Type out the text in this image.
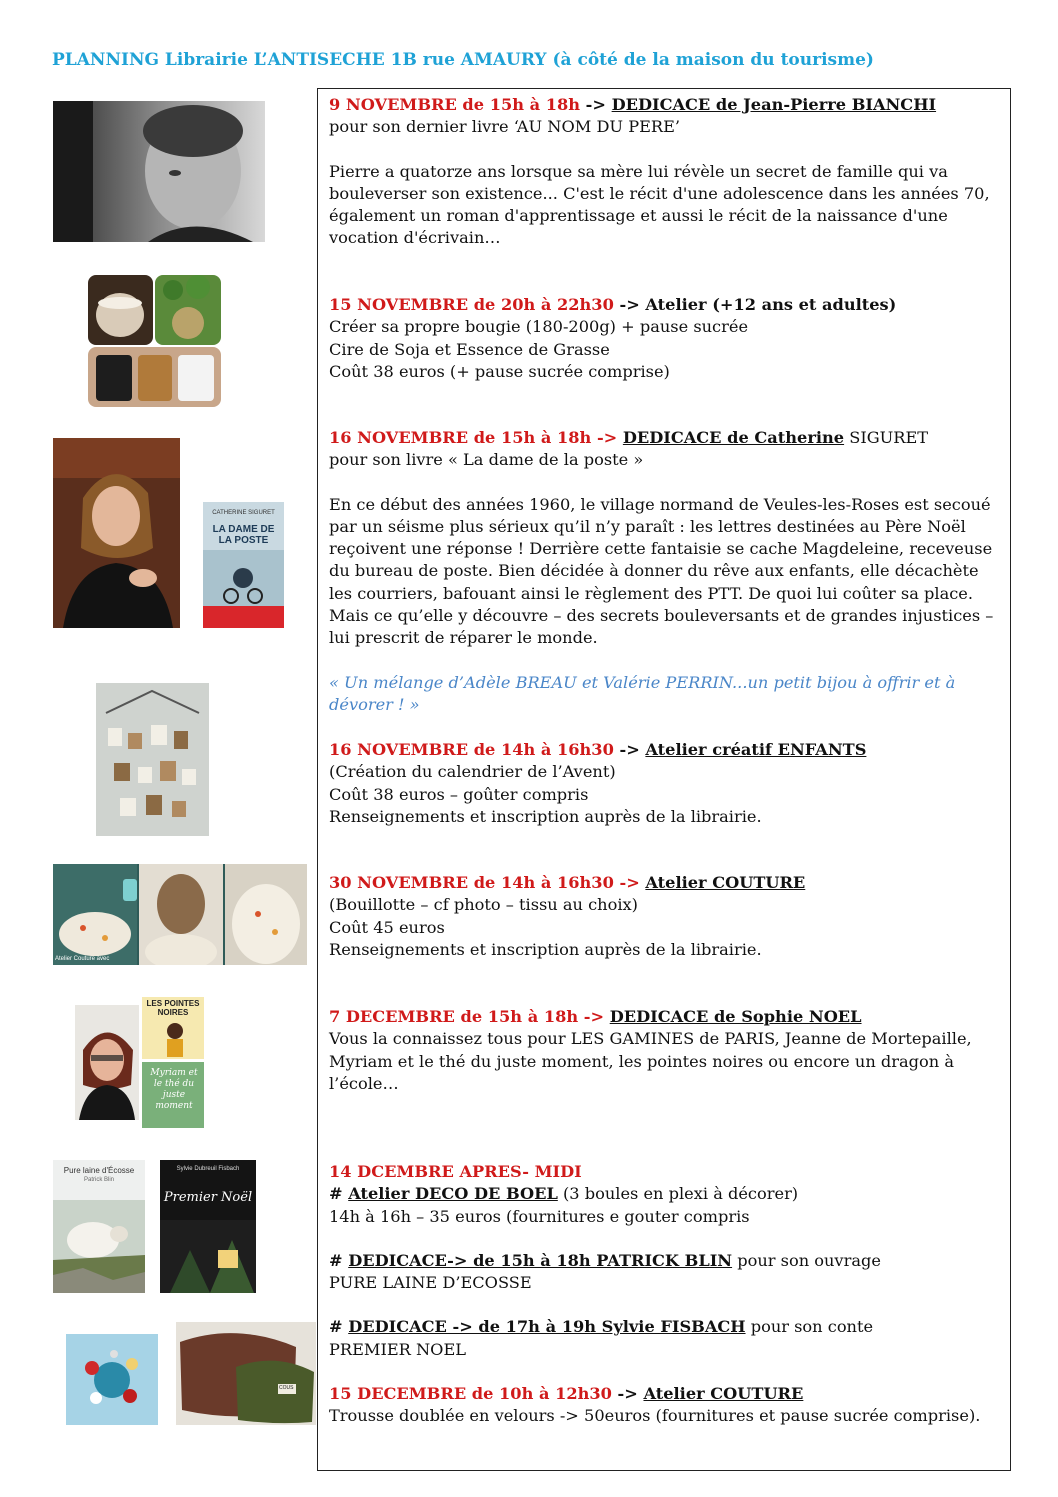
PLANNING Librairie L’ANTISECHE 1B rue AMAURY (à côté de la maison du tourisme)
CATHERINE SIGURET
LA DAME DE LA POSTE
Atelier Couture avec
LES POINTES NOIRES
Myriam et le thé du juste moment
Pure laine d'Écosse
Patrick Blin
Sylvie Dubreuil Fisbach
Premier Noël
COUS

9 NOVEMBRE de 15h à 18h -> DEDICACE de Jean-Pierre BIANCHI

pour son dernier livre ‘AU NOM DU PERE’

Pierre a quatorze ans lorsque sa mère lui révèle un secret de famille qui va bouleverser son existence... C'est le récit d'une adolescence dans les années 70, également un roman d'apprentissage et aussi le récit de la naissance d'une vocation d'écrivain…

15 NOVEMBRE de 20h à 22h30 -> Atelier (+12 ans et adultes)

Créer sa propre bougie (180-200g) + pause sucrée

Cire de Soja et Essence de Grasse

Coût 38 euros (+ pause sucrée comprise)

16 NOVEMBRE de 15h à 18h -> DEDICACE de Catherine SIGURET

pour son livre « La dame de la poste »

En ce début des années 1960, le village normand de Veules-les-Roses est secoué par un séisme plus sérieux qu’il n’y paraît : les lettres destinées au Père Noël reçoivent une réponse ! Derrière cette fantaisie se cache Magdeleine, receveuse du bureau de poste. Bien décidée à donner du rêve aux enfants, elle décachète les courriers, bafouant ainsi le règlement des PTT. De quoi lui coûter sa place. Mais ce qu’elle y découvre – des secrets bouleversants et de grandes injustices – lui prescrit de réparer le monde.

« Un mélange d’Adèle BREAU et Valérie PERRIN...un petit bijou à offrir et à dévorer ! »

16 NOVEMBRE de 14h à 16h30 -> Atelier créatif ENFANTS

(Création du calendrier de l’Avent)

Coût 38 euros – goûter compris

Renseignements et inscription auprès de la librairie.

30 NOVEMBRE de 14h à 16h30 -> Atelier COUTURE

(Bouillotte – cf photo – tissu au choix)

Coût 45 euros

Renseignements et inscription auprès de la librairie.

7 DECEMBRE de 15h à 18h -> DEDICACE de Sophie NOEL

Vous la connaissez tous pour LES GAMINES de PARIS, Jeanne de Mortepaille, Myriam et le thé du juste moment, les pointes noires ou encore un dragon à l’école…

14 DCEMBRE APRES- MIDI

# Atelier DECO DE BOEL (3 boules en plexi à décorer)

14h à 16h – 35 euros (fournitures e gouter compris

# DEDICACE-> de 15h à 18h PATRICK BLIN pour son ouvrage

PURE LAINE D’ECOSSE

# DEDICACE -> de 17h à 19h Sylvie FISBACH pour son conte

PREMIER NOEL

15 DECEMBRE de 10h à 12h30 -> Atelier COUTURE

Trousse doublée en velours -> 50euros (fournitures et pause sucrée comprise).
